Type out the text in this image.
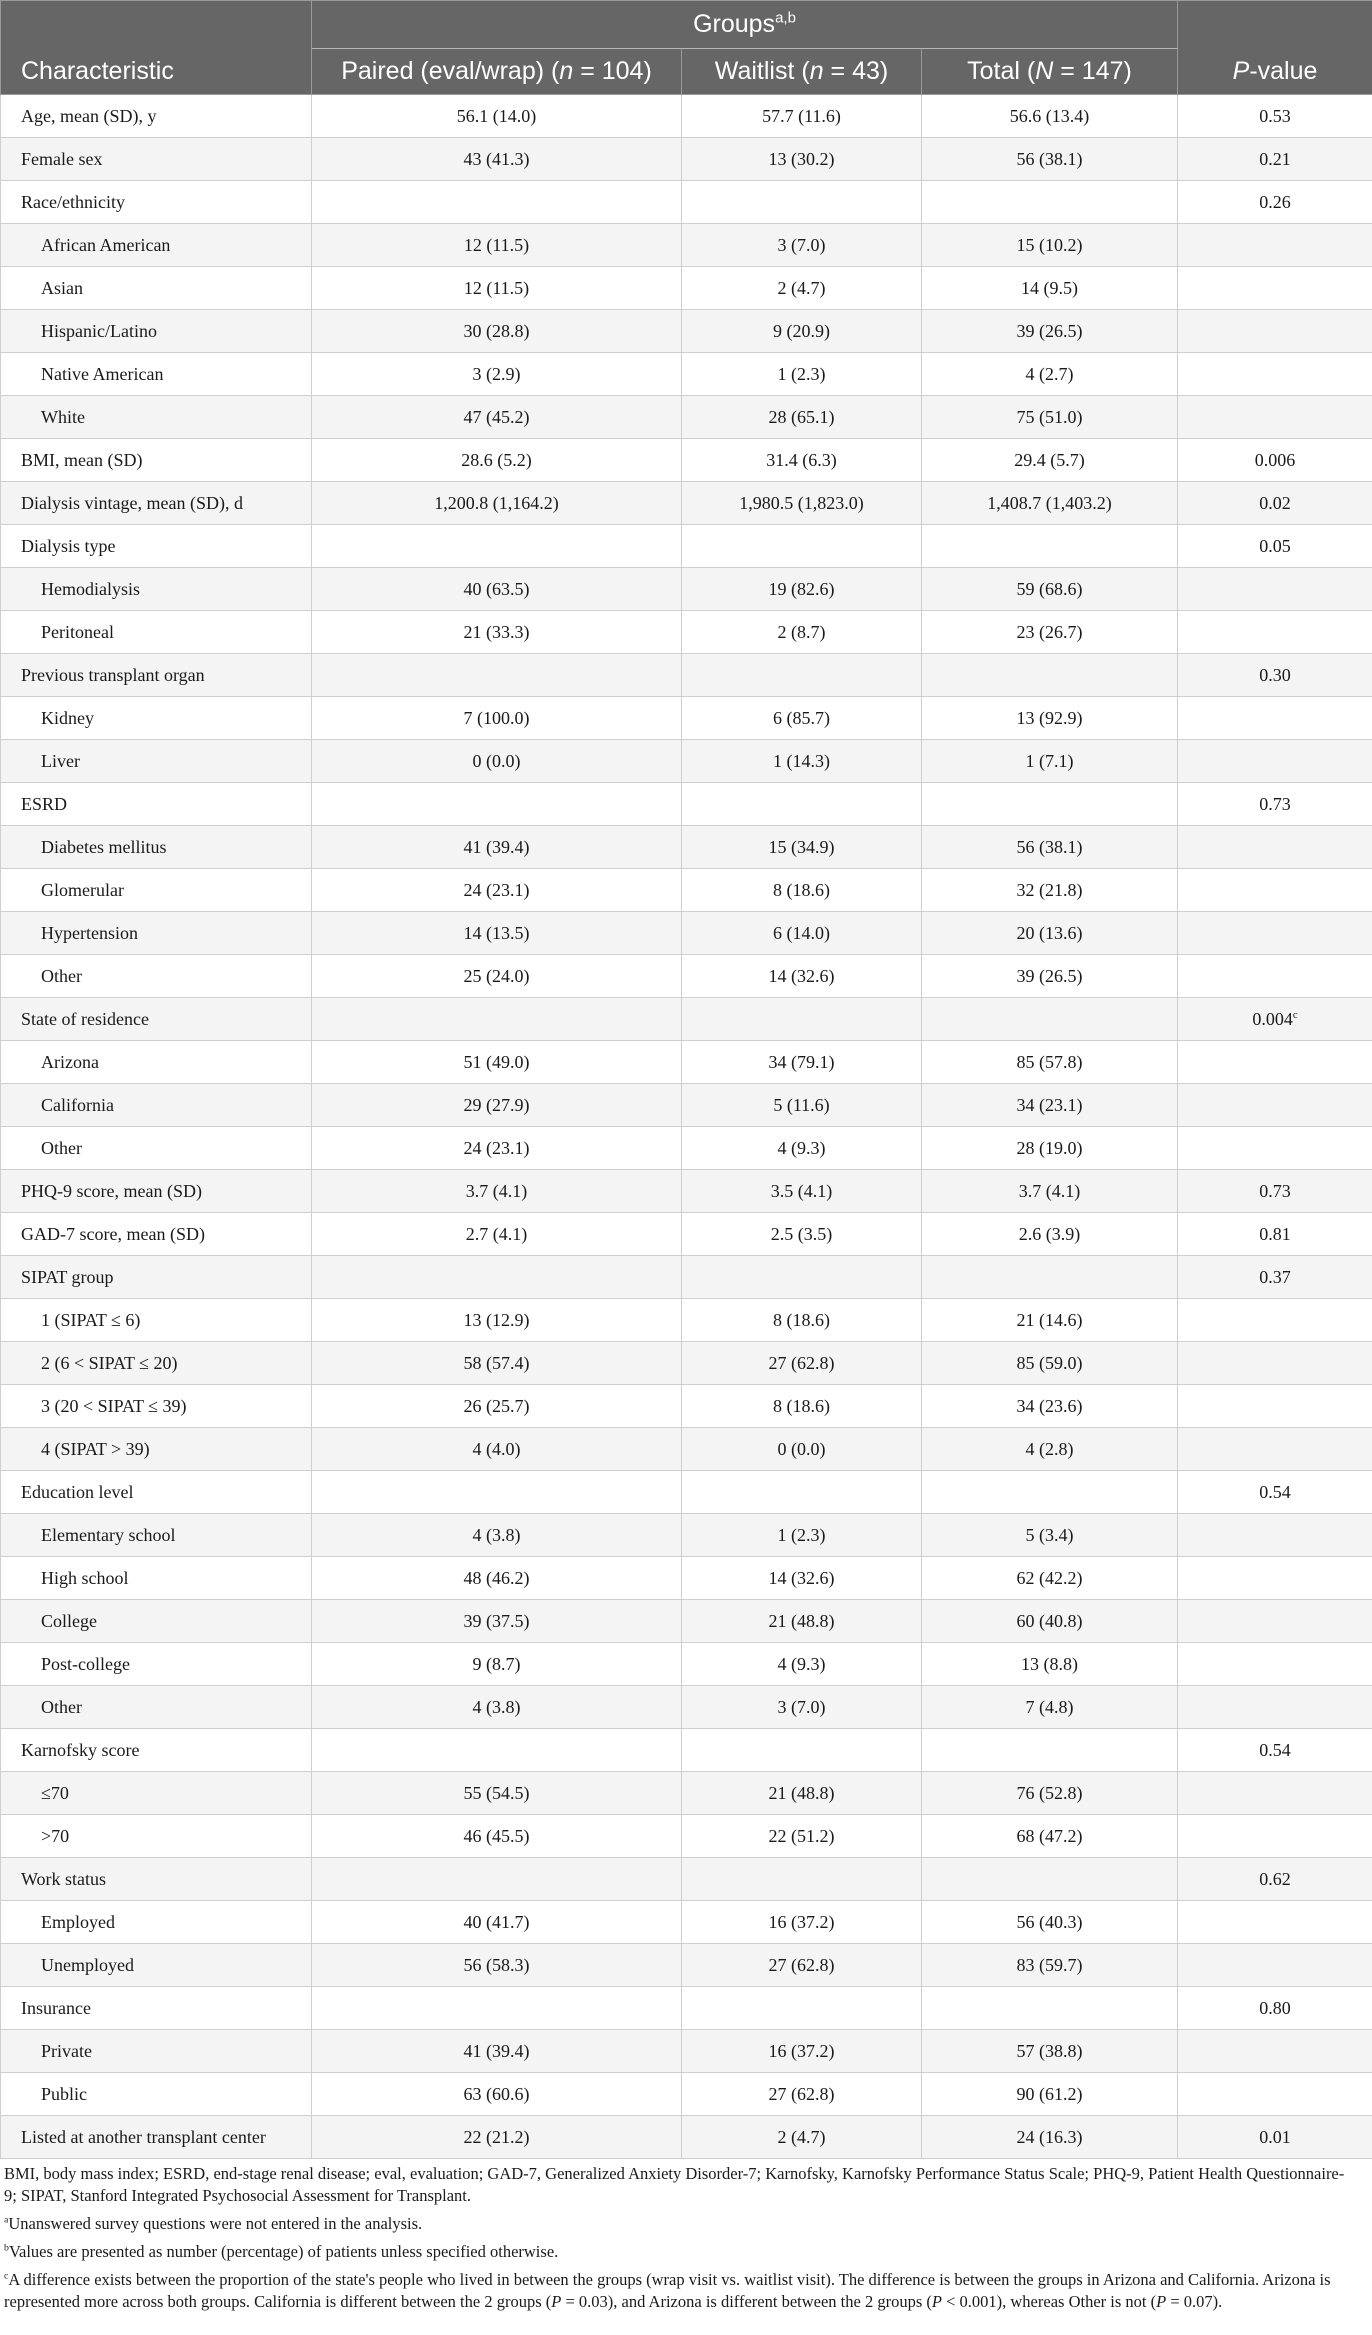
Characteristic	Groups$^{a,b}$			P-value
	Paired (eval/wrap) (n = 104)	Waitlist (n = 43)	Total (N = 147)	
Age, mean (SD), y	56.1 (14.0)	57.7 (11.6)	56.6 (13.4)	0.53
Female sex	43 (41.3)	13 (30.2)	56 (38.1)	0.21
Race/ethnicity				0.26
African American	12 (11.5)	3 (7.0)	15 (10.2)	
Asian	12 (11.5)	2 (4.7)	14 (9.5)	
Hispanic/Latino	30 (28.8)	9 (20.9)	39 (26.5)	
Native American	3 (2.9)	1 (2.3)	4 (2.7)	
White	47 (45.2)	28 (65.1)	75 (51.0)	
BMI, mean (SD)	28.6 (5.2)	31.4 (6.3)	29.4 (5.7)	0.006
Dialysis vintage, mean (SD), d	1,200.8 (1,164.2)	1,980.5 (1,823.0)	1,408.7 (1,403.2)	0.02
Dialysis type				0.05
Hemodialysis	40 (63.5)	19 (82.6)	59 (68.6)	
Peritoneal	21 (33.3)	2 (8.7)	23 (26.7)	
Previous transplant organ				0.30
Kidney	7 (100.0)	6 (85.7)	13 (92.9)	
Liver	0 (0.0)	1 (14.3)	1 (7.1)	
ESRD				0.73
Diabetes mellitus	41 (39.4)	15 (34.9)	56 (38.1)	
Glomerular	24 (23.1)	8 (18.6)	32 (21.8)	
Hypertension	14 (13.5)	6 (14.0)	20 (13.6)	
Other	25 (24.0)	14 (32.6)	39 (26.5)	
State of residence				0.004$^c$
Arizona	51 (49.0)	34 (79.1)	85 (57.8)	
California	29 (27.9)	5 (11.6)	34 (23.1)	
Other	24 (23.1)	4 (9.3)	28 (19.0)	
PHQ-9 score, mean (SD)	3.7 (4.1)	3.5 (4.1)	3.7 (4.1)	0.73
GAD-7 score, mean (SD)	2.7 (4.1)	2.5 (3.5)	2.6 (3.9)	0.81
SIPAT group				0.37
1 (SIPAT ≤ 6)	13 (12.9)	8 (18.6)	21 (14.6)	
2 (6 < SIPAT ≤ 20)	58 (57.4)	27 (62.8)	85 (59.0)	
3 (20 < SIPAT ≤ 39)	26 (25.7)	8 (18.6)	34 (23.6)	
4 (SIPAT > 39)	4 (4.0)	0 (0.0)	4 (2.8)	
Education level				0.54
Elementary school	4 (3.8)	1 (2.3)	5 (3.4)	
High school	48 (46.2)	14 (32.6)	62 (42.2)	
College	39 (37.5)	21 (48.8)	60 (40.8)	
Post-college	9 (8.7)	4 (9.3)	13 (8.8)	
Other	4 (3.8)	3 (7.0)	7 (4.8)	
Karnofsky score				0.54
≤70	55 (54.5)	21 (48.8)	76 (52.8)	
>70	46 (45.5)	22 (51.2)	68 (47.2)	
Work status				0.62
Employed	40 (41.7)	16 (37.2)	56 (40.3)	
Unemployed	56 (58.3)	27 (62.8)	83 (59.7)	
Insurance				0.80
Private	41 (39.4)	16 (37.2)	57 (38.8)	
Public	63 (60.6)	27 (62.8)	90 (61.2)	
Listed at another transplant center	22 (21.2)	2 (4.7)	24 (16.3)	0.01

BMI, body mass index; ESRD, end-stage renal disease; eval, evaluation; GAD-7, Generalized Anxiety Disorder-7; Karnofsky, Karnofsky Performance Status Scale; PHQ-9, Patient Health Questionnaire-9; SIPAT, Stanford Integrated Psychosocial Assessment for Transplant.

$^a$Unanswered survey questions were not entered in the analysis.

$^b$Values are presented as number (percentage) of patients unless specified otherwise.

$^c$A difference exists between the proportion of the state's people who lived in between the groups (wrap visit vs. waitlist visit). The difference is between the groups in Arizona and California. Arizona is represented more across both groups. California is different between the 2 groups (P = 0.03), and Arizona is different between the 2 groups (P < 0.001), whereas Other is not (P = 0.07).
